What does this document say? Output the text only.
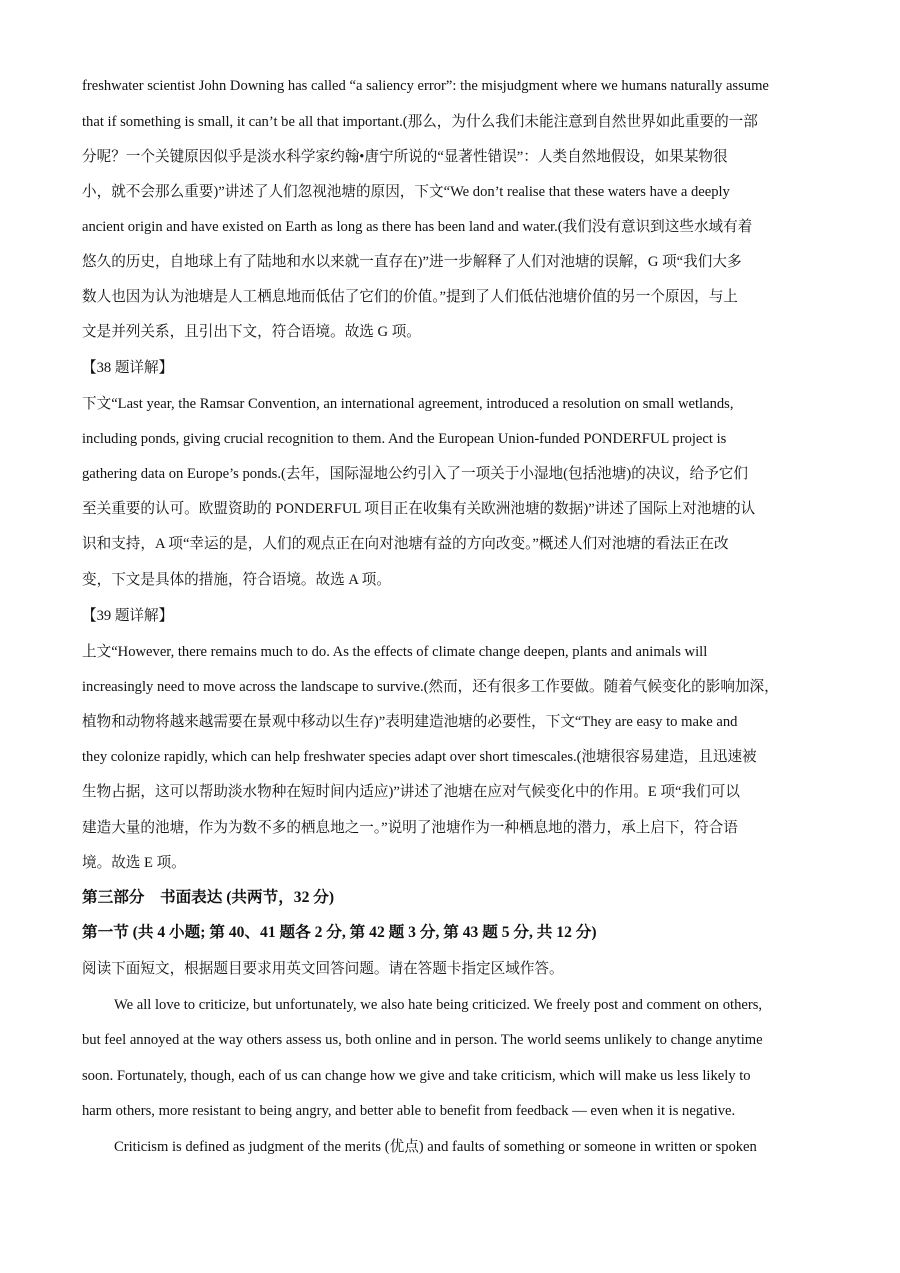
freshwater scientist John Downing has called “a saliency error”: the misjudgment where we humans naturally assume
that if something is small, it can’t be all that important.(那么，为什么我们未能注意到自然世界如此重要的一部
分呢？一个关键原因似乎是淡水科学家约翰•唐宁所说的“显著性错误”：人类自然地假设，如果某物很
小，就不会那么重要)”讲述了人们忽视池塘的原因，下文“We don’t realise that these waters have a deeply
ancient origin and have existed on Earth as long as there has been land and water.(我们没有意识到这些水域有着
悠久的历史，自地球上有了陆地和水以来就一直存在)”进一步解释了人们对池塘的误解，G 项“我们大多
数人也因为认为池塘是人工栖息地而低估了它们的价值。”提到了人们低估池塘价值的另一个原因，与上
文是并列关系，且引出下文，符合语境。故选 G 项。
【38 题详解】
下文“Last year, the Ramsar Convention, an international agreement, introduced a resolution on small wetlands,
including ponds, giving crucial recognition to them. And the European Union-funded PONDERFUL project is
gathering data on Europe’s ponds.(去年，国际湿地公约引入了一项关于小湿地(包括池塘)的决议，给予它们
至关重要的认可。欧盟资助的 PONDERFUL 项目正在收集有关欧洲池塘的数据)”讲述了国际上对池塘的认
识和支持，A 项“幸运的是，人们的观点正在向对池塘有益的方向改变。”概述人们对池塘的看法正在改
变，下文是具体的措施，符合语境。故选 A 项。
【39 题详解】
上文“However, there remains much to do. As the effects of climate change deepen, plants and animals will
increasingly need to move across the landscape to survive.(然而，还有很多工作要做。随着气候变化的影响加深，
植物和动物将越来越需要在景观中移动以生存)”表明建造池塘的必要性，下文“They are easy to make and
they colonize rapidly, which can help freshwater species adapt over short timescales.(池塘很容易建造，且迅速被
生物占据，这可以帮助淡水物种在短时间内适应)”讲述了池塘在应对气候变化中的作用。E 项“我们可以
建造大量的池塘，作为为数不多的栖息地之一。”说明了池塘作为一种栖息地的潜力，承上启下，符合语
境。故选 E 项。
第三部分　书面表达 (共两节，32 分)
第一节 (共 4 小题; 第 40、41 题各 2 分, 第 42 题 3 分, 第 43 题 5 分, 共 12 分)
阅读下面短文，根据题目要求用英文回答问题。请在答题卡指定区域作答。
We all love to criticize, but unfortunately, we also hate being criticized. We freely post and comment on others,
but feel annoyed at the way others assess us, both online and in person. The world seems unlikely to change anytime
soon. Fortunately, though, each of us can change how we give and take criticism, which will make us less likely to
harm others, more resistant to being angry, and better able to benefit from feedback — even when it is negative.
Criticism is defined as judgment of the merits (优点) and faults of something or someone in written or spoken
